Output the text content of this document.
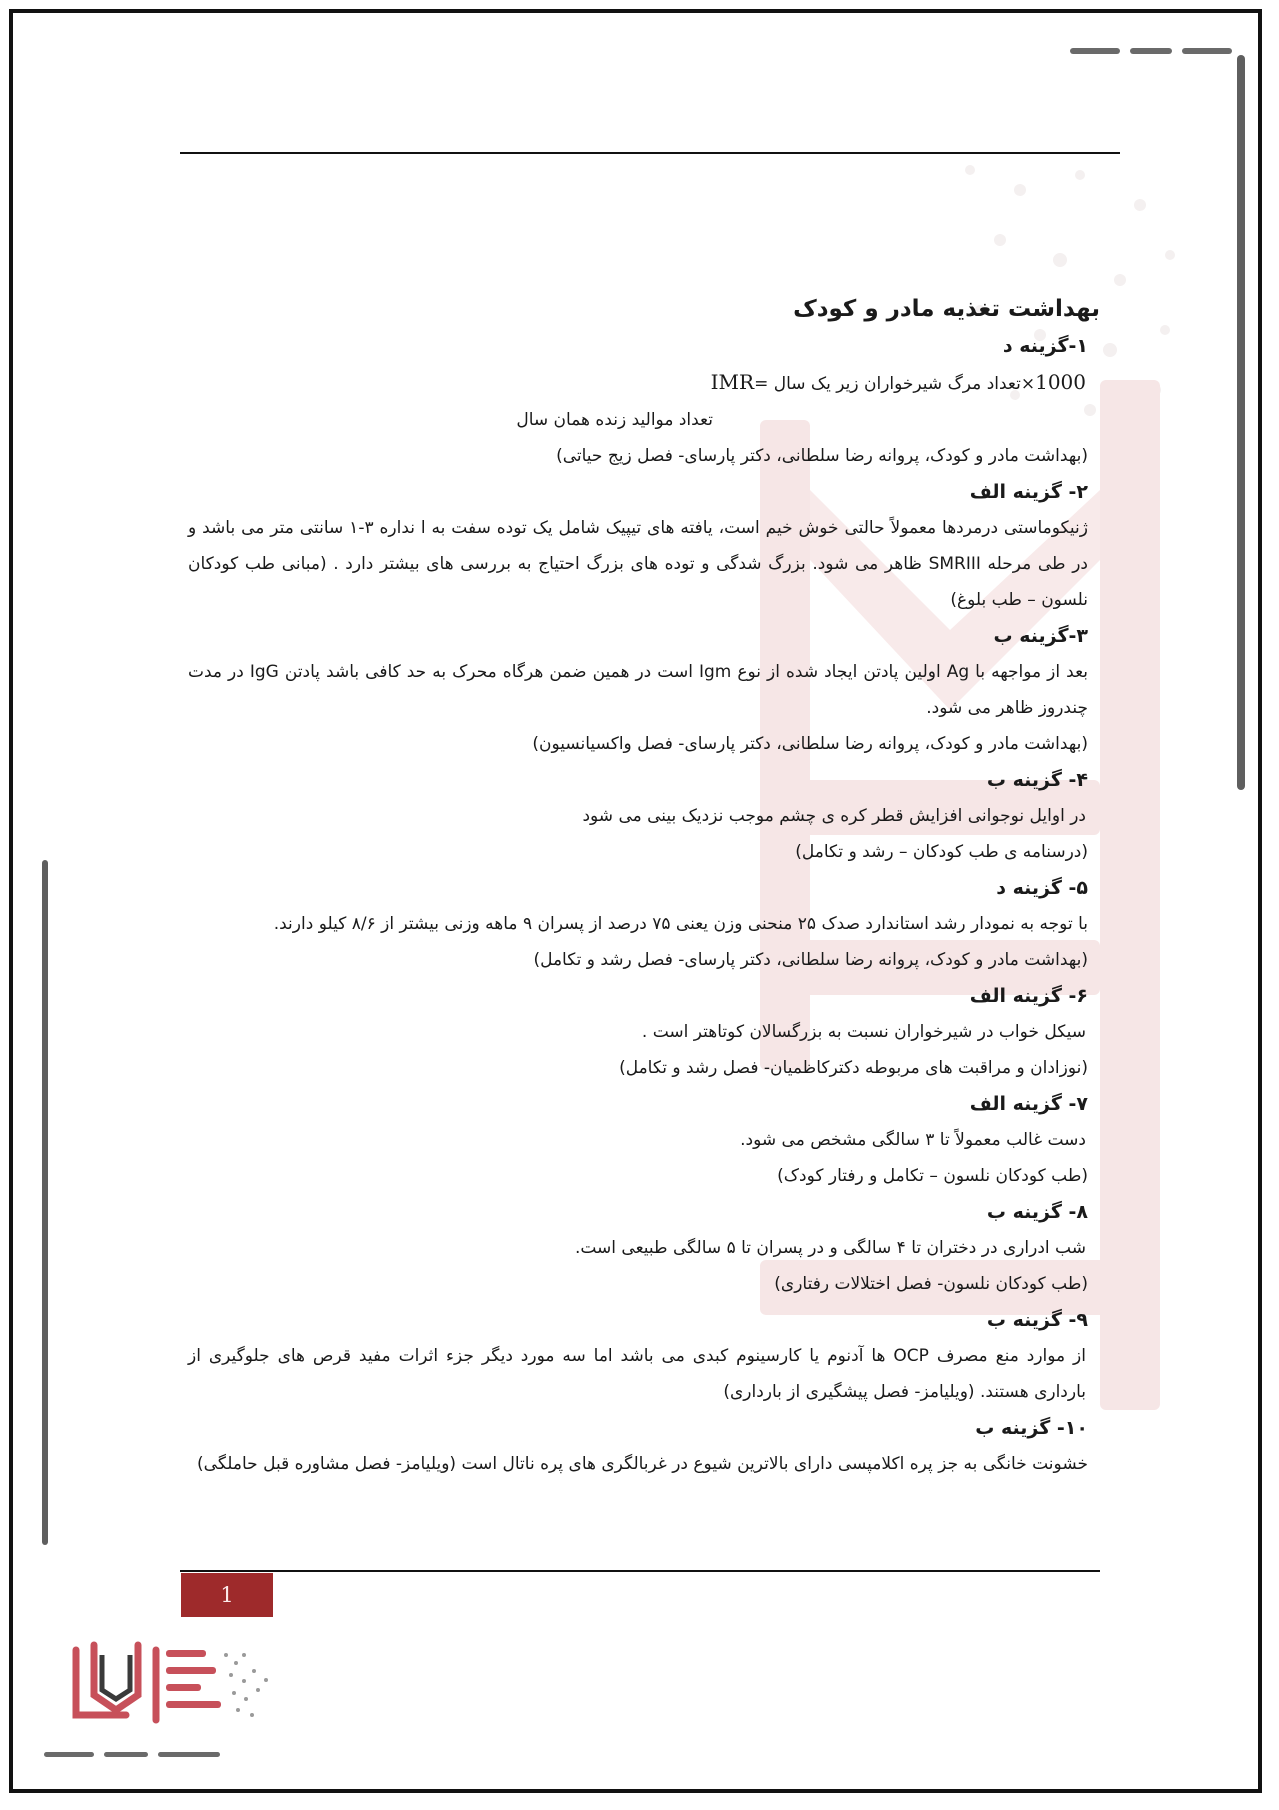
بهداشت تغذیه مادر و کودک

۱-گزینه د

1000×تعداد مرگ شیرخواران زیر یک سال =IMR

تعداد موالید زنده همان سال

(بهداشت مادر و کودک، پروانه رضا سلطانی، دکتر پارسای- فصل زیج حیاتی)

۲- گزینه الف

ژنیکوماستی درمردها معمولاً حالتی خوش خیم است، یافته های تیپیک شامل یک توده سفت به ا نداره ۳-۱ سانتی متر می باشد و در طی مرحله SMRIII ظاهر می شود. بزرگ شدگی و توده های بزرگ احتیاج به بررسی های بیشتر دارد . (مبانی طب کودکان نلسون – طب بلوغ)

۳-گزینه ب

بعد از مواجهه با Ag اولین پادتن ایجاد شده از نوع Igm است در همین ضمن هرگاه محرک به حد کافی باشد پادتن IgG در مدت چندروز ظاهر می شود.

(بهداشت مادر و کودک، پروانه رضا سلطانی، دکتر پارسای- فصل واکسیانسیون)

۴- گزینه ب

در اوایل نوجوانی افزایش قطر کره ی چشم موجب نزدیک بینی می شود

(درسنامه ی طب کودکان – رشد و تکامل)

۵- گزینه د

با توجه به نمودار رشد استاندارد صدک ۲۵ منحنی وزن یعنی ۷۵ درصد از پسران ۹ ماهه وزنی بیشتر از ۸/۶ کیلو دارند.

(بهداشت مادر و کودک، پروانه رضا سلطانی، دکتر پارسای- فصل رشد و تکامل)

۶- گزینه الف

سیکل خواب در شیرخواران نسبت به بزرگسالان کوتاهتر است .

(نوزادان و مراقبت های مربوطه دکترکاظمیان- فصل رشد و تکامل)

۷- گزینه الف

دست غالب معمولاً تا ۳ سالگی مشخص می شود.

(طب کودکان نلسون – تکامل و رفتار کودک)

۸- گزینه ب

شب ادراری در دختران تا ۴ سالگی و در پسران تا ۵ سالگی طبیعی است.

(طب کودکان نلسون- فصل اختلالات رفتاری)

۹- گزینه ب

از موارد منع مصرف OCP ها آدنوم یا کارسینوم کبدی می باشد اما سه مورد دیگر جزء اثرات مفید قرص های جلوگیری از بارداری هستند. (ویلیامز- فصل پیشگیری از بارداری)

۱۰- گزینه ب

خشونت خانگی به جز پره اکلامپسی دارای بالاترین شیوع در غربالگری های پره ناتال است (ویلیامز- فصل مشاوره قبل حاملگی)

1
